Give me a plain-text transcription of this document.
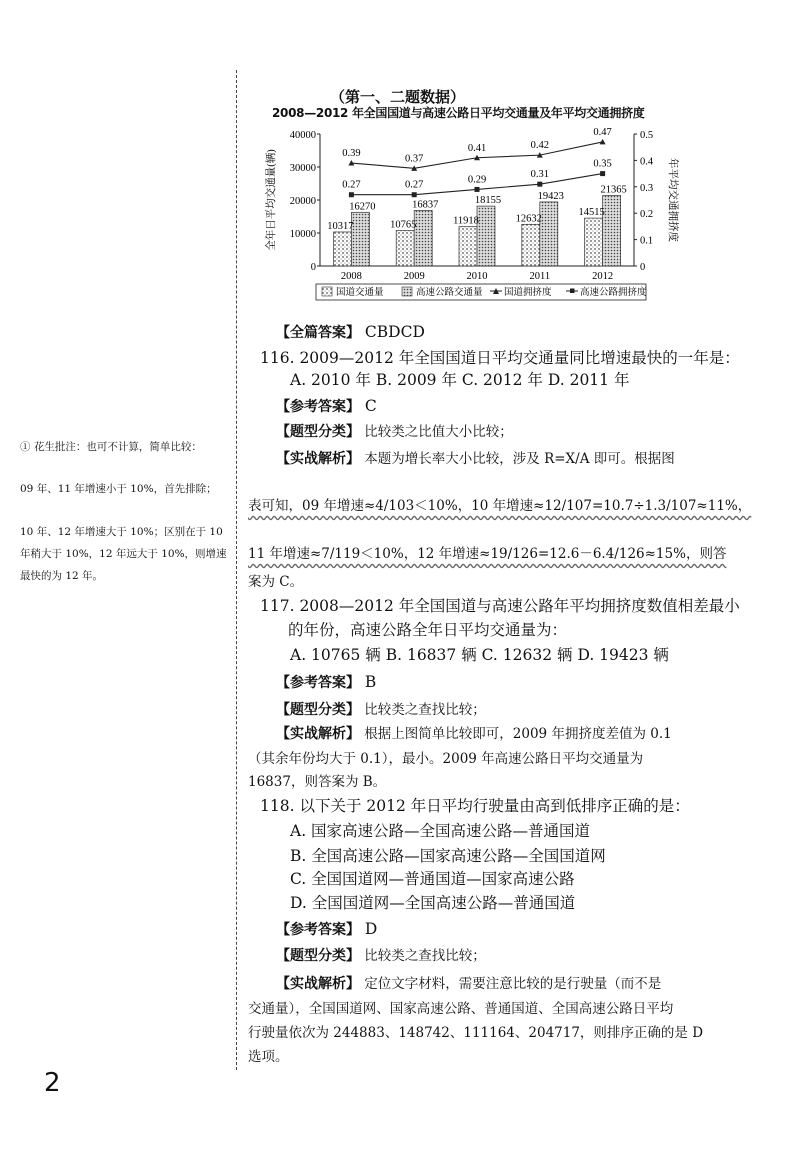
（第一、二题数据）
2008—2012 年全国国道与高速公路日平均交通量及年平均交通拥挤度
40000
30000
20000
10000
0
0.5
0.4
0.3
0.2
0.1
0
全年日平均交通量(辆)	年平均交通拥挤度
10317
16270
2008
10765
16837
2009
11918
18155
2010
12632
19423
2011
14515
21365
2012
0.39	0.37
0.41	0.42
0.47
0.27	0.27	0.29	0.31
0.35
国道交通量	高速公路交通量 国道拥挤度	高速公路拥挤度
【全篇答案】 CBDCD
116. 2009—2012 年全国国道日平均交通量同比增速最快的一年是：
A. 2010 年 B. 2009 年 C. 2012 年 D. 2011 年
【参考答案】 C
【题型分类】 比较类之比值大小比较；
【实战解析】 本题为增长率大小比较，涉及 R=X/A 即可。根据图
表可知，09 年增速≈4/103＜10%，10 年增速≈12/107=10.7÷1.3/107≈11%，
11 年增速≈7/119＜10%，12 年增速≈19/126=12.6－6.4/126≈15%，则答
案为 C。
117. 2008—2012 年全国国道与高速公路年平均拥挤度数值相差最小
的年份，高速公路全年日平均交通量为：
A. 10765 辆 B. 16837 辆 C. 12632 辆 D. 19423 辆
【参考答案】 B
【题型分类】 比较类之查找比较；
【实战解析】 根据上图简单比较即可，2009 年拥挤度差值为 0.1
（其余年份均大于 0.1），最小。2009 年高速公路日平均交通量为
16837，则答案为 B。
118. 以下关于 2012 年日平均行驶量由高到低排序正确的是：
A. 国家高速公路—全国高速公路—普通国道
B. 全国高速公路—国家高速公路—全国国道网
C. 全国国道网—普通国道—国家高速公路
D. 全国国道网—全国高速公路—普通国道
【参考答案】 D
【题型分类】 比较类之查找比较；
【实战解析】 定位文字材料，需要注意比较的是行驶量（而不是
交通量），全国国道网、国家高速公路、普通国道、全国高速公路日平均
行驶量依次为 244883、148742、111164、204717，则排序正确的是 D
选项。
① 花生批注：也可不计算，简单比较：
09 年、11 年增速小于 10%，首先排除；
10 年、12 年增速大于 10%；区别在于 10 年稍大于 10%，12 年远大于 10%，则增速最快的为 12 年。
2
